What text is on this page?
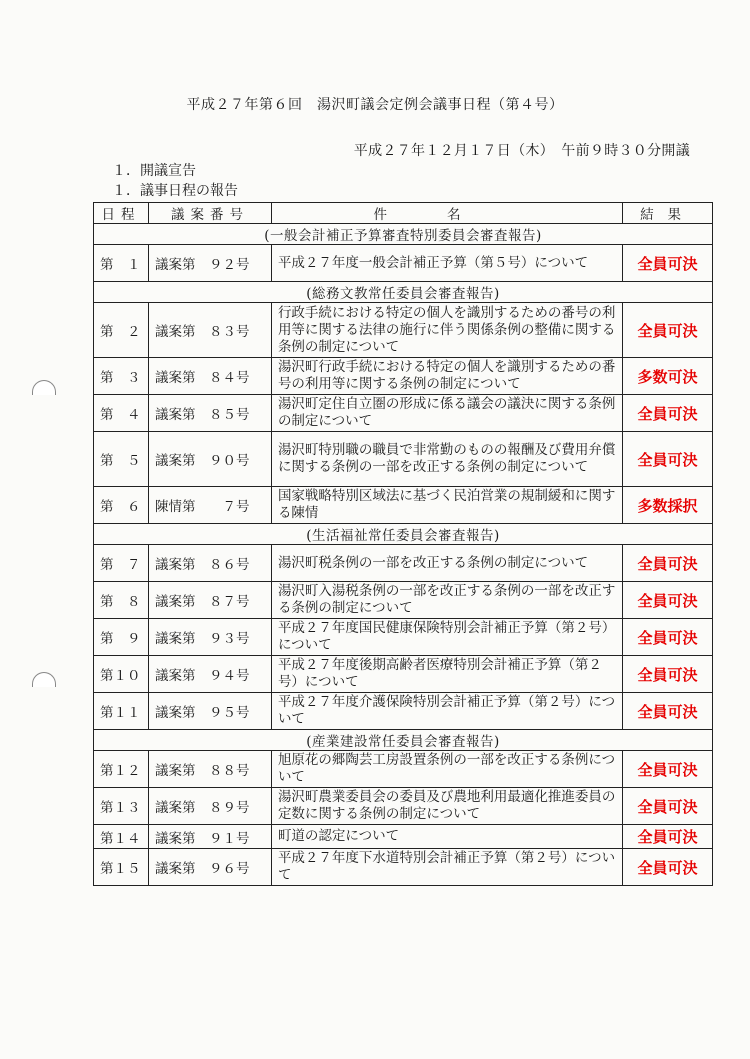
平成２７年第６回　湯沢町議会定例会議事日程（第４号）
平成２７年１２月１７日（木）　午前９時３０分開議
１．開議宣告
１．議事日程の報告
日程	議案番号	件名	結果
(一般会計補正予算審査特別委員会審査報告)			
第　１	議案第　９２号	平成２７年度一般会計補正予算（第５号）について	全員可決
(総務文教常任委員会審査報告)			
第　２	議案第　８３号	行政手続における特定の個人を識別するための番号の利用等に関する法律の施行に伴う関係条例の整備に関する条例の制定について	全員可決
第　３	議案第　８４号	湯沢町行政手続における特定の個人を識別するための番号の利用等に関する条例の制定について	多数可決
第　４	議案第　８５号	湯沢町定住自立圏の形成に係る議会の議決に関する条例の制定について	全員可決
第　５	議案第　９０号	湯沢町特別職の職員で非常勤のものの報酬及び費用弁償に関する条例の一部を改正する条例の制定について	全員可決
第　６	陳情第　　７号	国家戦略特別区域法に基づく民泊営業の規制緩和に関する陳情	多数採択
(生活福祉常任委員会審査報告)			
第　７	議案第　８６号	湯沢町税条例の一部を改正する条例の制定について	全員可決
第　８	議案第　８７号	湯沢町入湯税条例の一部を改正する条例の一部を改正する条例の制定について	全員可決
第　９	議案第　９３号	平成２７年度国民健康保険特別会計補正予算（第２号）について	全員可決
第１０	議案第　９４号	平成２７年度後期高齢者医療特別会計補正予算（第２号）について	全員可決
第１１	議案第　９５号	平成２７年度介護保険特別会計補正予算（第２号）について	全員可決
(産業建設常任委員会審査報告)			
第１２	議案第　８８号	旭原花の郷陶芸工房設置条例の一部を改正する条例について	全員可決
第１３	議案第　８９号	湯沢町農業委員会の委員及び農地利用最適化推進委員の定数に関する条例の制定について	全員可決
第１４	議案第　９１号	町道の認定について	全員可決
第１５	議案第　９６号	平成２７年度下水道特別会計補正予算（第２号）について	全員可決
